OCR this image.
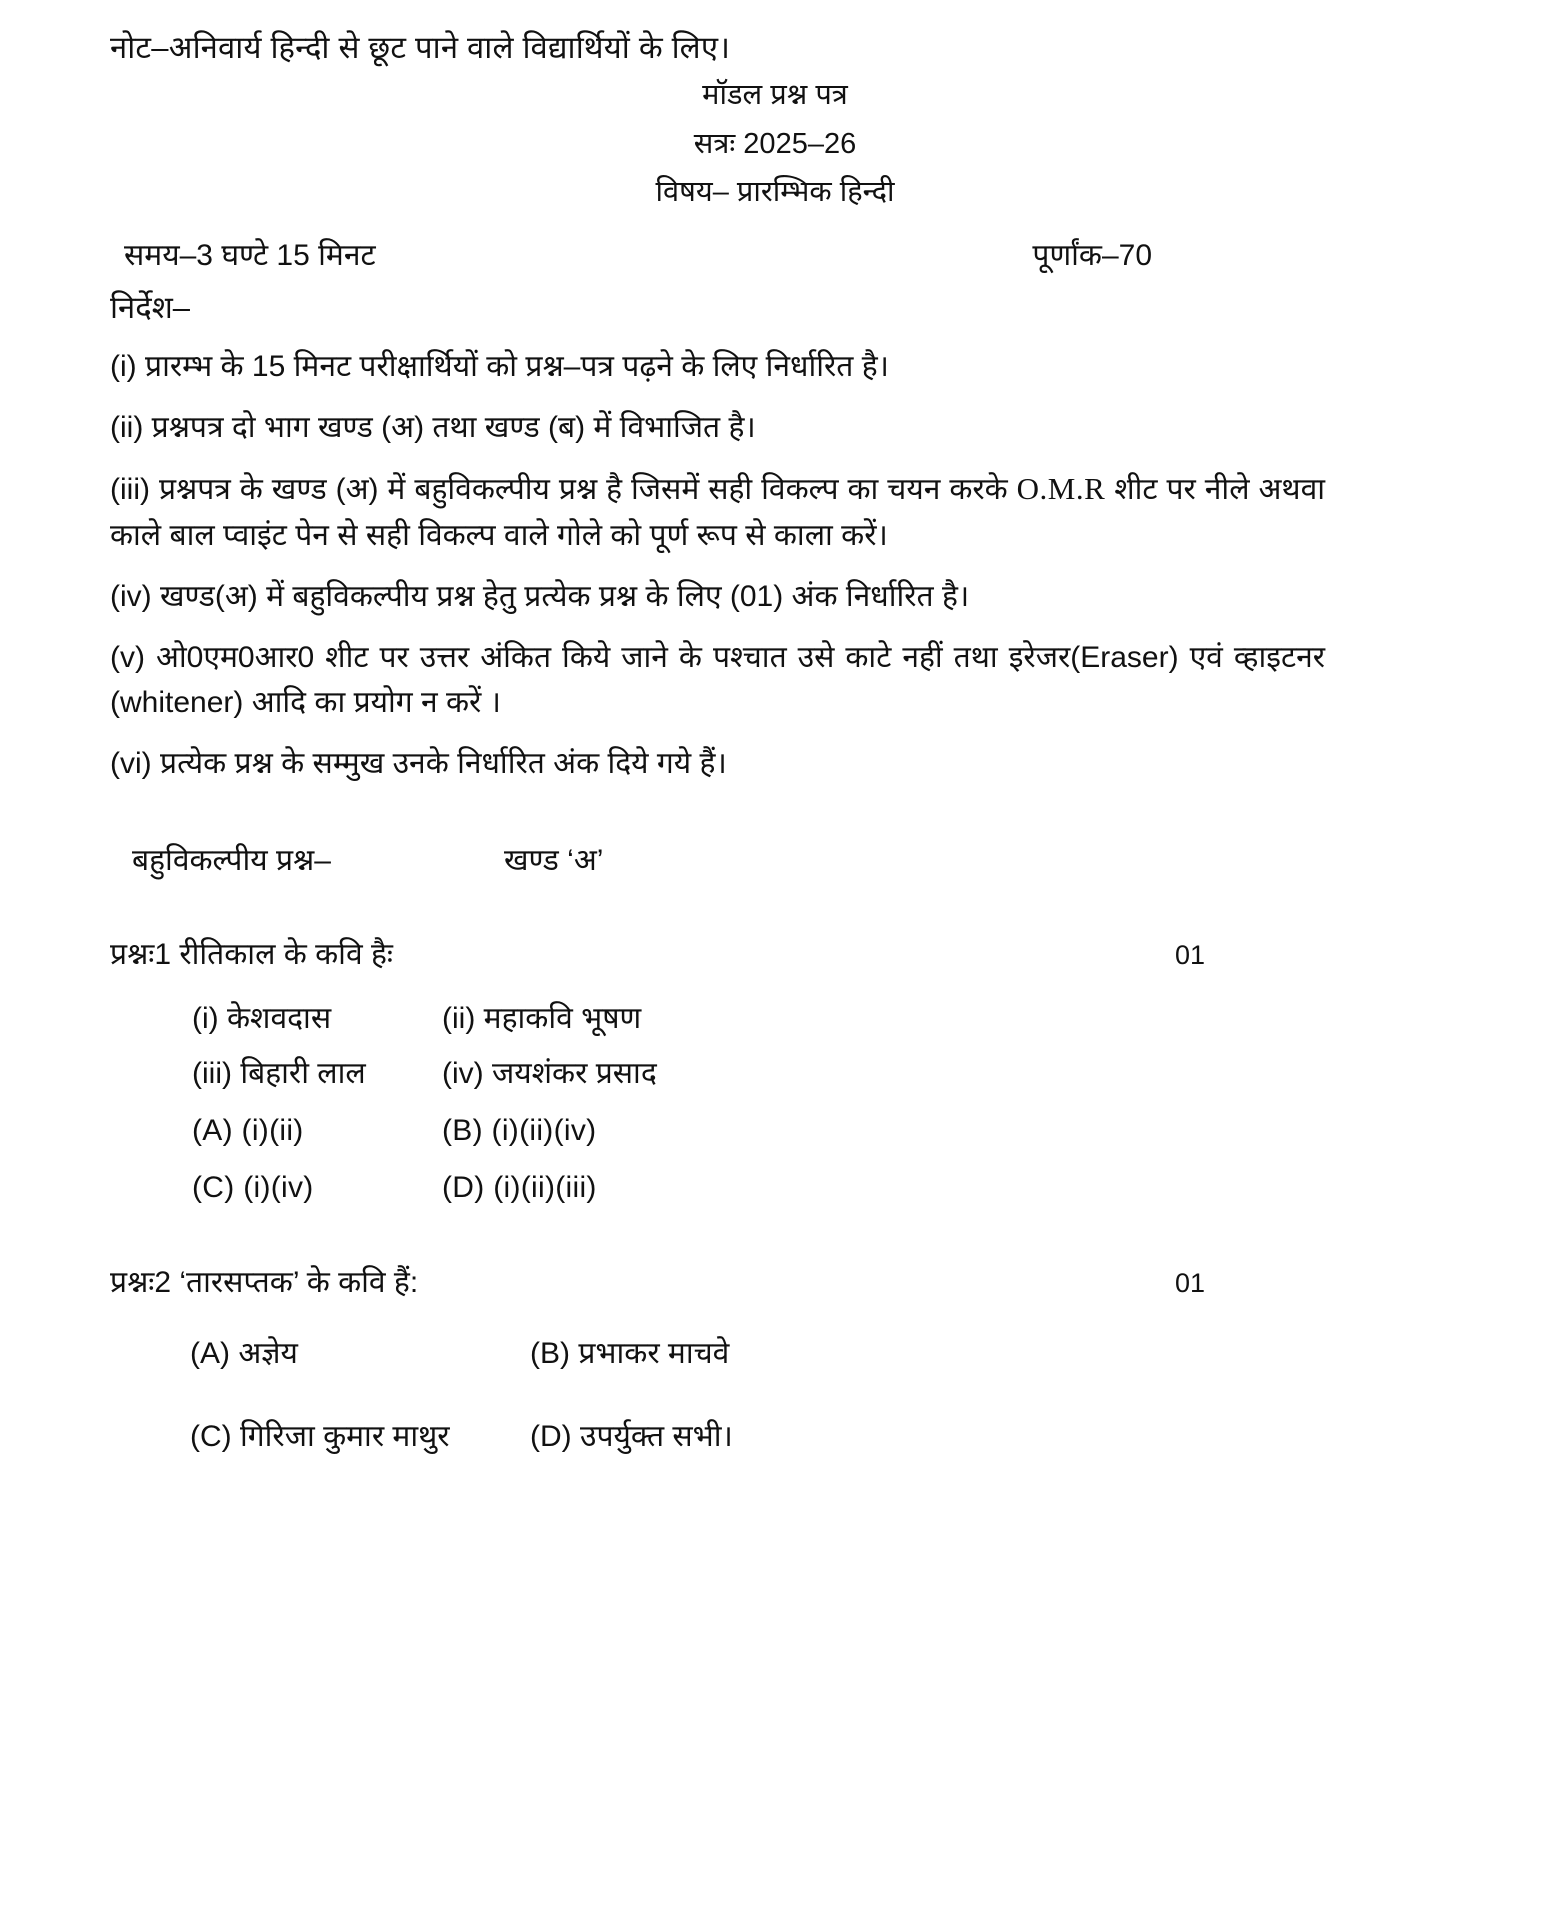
नोट–अनिवार्य हिन्दी से छूट पाने वाले विद्यार्थियों के लिए।
मॉडल प्रश्न पत्र
सत्रः 2025–26
विषय– प्रारम्भिक हिन्दी
समय–3 घण्टे 15 मिनट	पूर्णांक–70
निर्देश–
(i) प्रारम्भ के 15 मिनट परीक्षार्थियों को प्रश्न–पत्र पढ़ने के लिए निर्धारित है।
(ii) प्रश्नपत्र दो भाग खण्ड (अ) तथा खण्ड (ब) में विभाजित है।
(iii) प्रश्नपत्र के खण्ड (अ) में बहुविकल्पीय प्रश्न है जिसमें सही विकल्प का चयन करके O.M.R शीट पर नीले अथवा काले बाल प्वाइंट पेन से सही विकल्प वाले गोले को पूर्ण रूप से काला करें।
(iv) खण्ड(अ) में बहुविकल्पीय प्रश्न हेतु प्रत्येक प्रश्न के लिए (01) अंक निर्धारित है।
(v) ओ0एम0आर0 शीट पर उत्तर अंकित किये जाने के पश्चात उसे काटे नहीं तथा इरेजर(Eraser) एवं व्हाइटनर (whitener) आदि का प्रयोग न करें ।
(vi) प्रत्येक प्रश्न के सम्मुख उनके निर्धारित अंक दिये गये हैं।
बहुविकल्पीय प्रश्न–	खण्ड ‘अ’
प्रश्नः1 रीतिकाल के कवि हैः	01
(i) केशवदास	(ii) महाकवि भूषण
(iii) बिहारी लाल	(iv) जयशंकर प्रसाद
(A) (i)(ii)	(B) (i)(ii)(iv)
(C) (i)(iv)	(D) (i)(ii)(iii)
प्रश्नः2 ‘तारसप्तक’ के कवि हैं:	01
(A) अज्ञेय	(B) प्रभाकर माचवे
(C) गिरिजा कुमार माथुर	(D) उपर्युक्त सभी।
